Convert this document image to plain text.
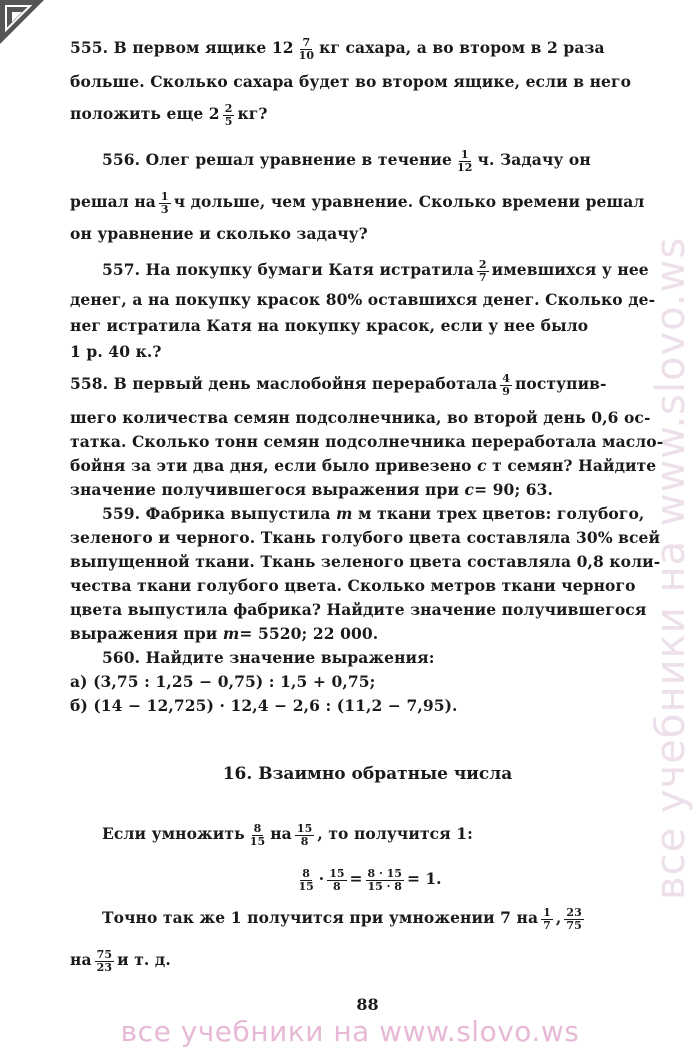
все учебники на www.slovo.ws
555. В первом ящике $12 \frac{7}{10}$ кг сахара, а во втором в 2 раза
больше. Сколько сахара будет во втором ящике, если в него
положить еще $2 \frac{2}{5}$ кг?
556. Олег решал уравнение в течение $\frac{1}{12} ч$. Задачу он
решал на $\frac{1}{3}$ ч дольше, чем уравнение. Сколько времени решал
он уравнение и сколько задачу?
557. На покупку бумаги Катя истратила $\frac{2}{7}$ имевшихся у нее
денег, а на покупку красок 80% оставшихся денег. Сколько де-
нег истратила Катя на покупку красок, если у нее было
1 р. 40 к.?
558. В первый день маслобойня переработала $\frac{4}{9}$ поступив-
шего количества семян подсолнечника, во второй день 0,6 ос-
татка. Сколько тонн семян подсолнечника переработала масло-
бойня за эти два дня, если было привезено с т семян? Найдите
значение получившегося выражения при с= 90; 63.
559. Фабрика выпустила m м ткани трех цветов: голубого,
зеленого и черного. Ткань голубого цвета составляла 30% всей
выпущенной ткани. Ткань зеленого цвета составляла 0,8 коли-
чества ткани голубого цвета. Сколько метров ткани черного
цвета выпустила фабрика? Найдите значение получившегося
выражения при m= 5520; 22 000.
560. Найдите значение выражения:
а) (3,75 : 1,25 − 0,75) : 1,5 + 0,75;
б) (14 − 12,725) · 12,4 − 2,6 : (11,2 − 7,95).
16. Взаимно обратные числа
Если умножить $\frac{8}{15}$ на $\frac{15}{8}$ , то получится 1:
$\frac{8}{15} \cdot \frac{15}{8} = \frac{8 \cdot 15}{15 \cdot 8} = 1$.
Точно так же 1 получится при умножении 7 на $\frac{1}{7}$ , $\frac{23}{75}$
на $\frac{75}{23}$ и т. д.
88
все учебники на www.slovo.ws
